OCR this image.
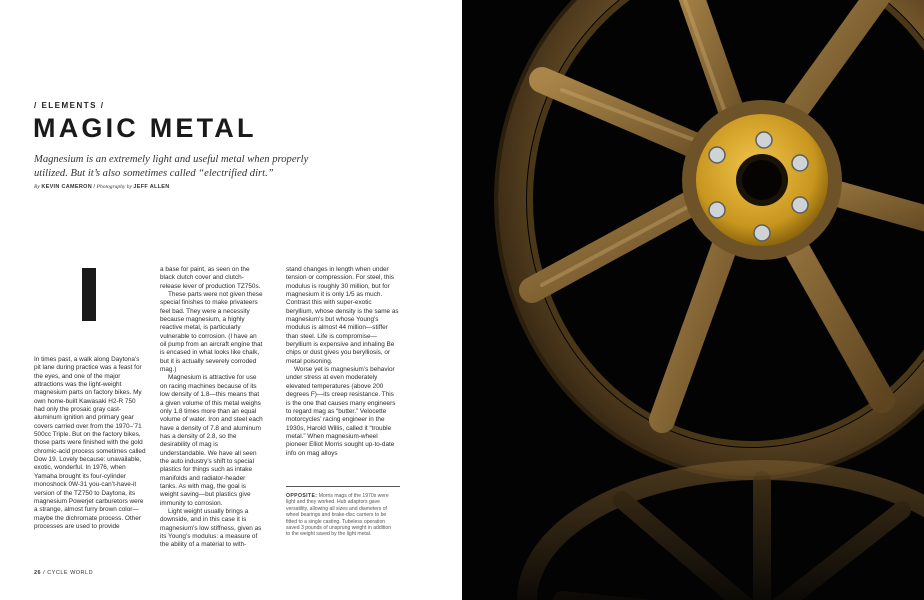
/ ELEMENTS /
MAGIC METAL

Magnesium is an extremely light and useful metal when properly utilized. But it’s also sometimes called “electrified dirt.”

By KEVIN CAMERON / Photography by JEFF ALLEN

In times past, a walk along Daytona’s pit lane during practice was a feast for the eyes, and one of the major attractions was the light-weight magnesium parts on factory bikes. My own home-built Kawasaki H2-R 750 had only the prosaic gray cast-aluminum ignition and primary gear covers carried over from the 1970–’71 500cc Triple. But on the factory bikes, those parts were finished with the gold chromic-acid process sometimes called Dow 19. Lovely because: unavailable, exotic, wonderful. In 1976, when Yamaha brought its four-cylinder monoshock 0W-31 you-can’t-have-it version of the TZ750 to Daytona, its magnesium Powerjet carburetors were a strange, almost furry brown color—maybe the dichromate process. Other processes are used to provide

a base for paint, as seen on the black clutch cover and clutch-release lever of production TZ750s.

These parts were not given these special finishes to make privateers feel bad. They were a necessity because magnesium, a highly reactive metal, is particularly vulnerable to corrosion. (I have an oil pump from an aircraft engine that is encased in what looks like chalk, but it is actually severely corroded mag.)

Magnesium is attractive for use on racing machines because of its low density of 1.8—this means that a given volume of this metal weighs only 1.8 times more than an equal volume of water. Iron and steel each have a density of 7.8 and aluminum has a density of 2.8, so the desirability of mag is understandable. We have all seen the auto industry’s shift to special plastics for things such as intake manifolds and radiator-header tanks. As with mag, the goal is weight saving—but plastics give immunity to corrosion.

Light weight usually brings a downside, and in this case it is magnesium’s low stiffness, given as its Young’s modulus: a measure of the ability of a material to with-

stand changes in length when under tension or compression. For steel, this modulus is roughly 30 million, but for magnesium it is only 1/5 as much. Contrast this with super-exotic beryllium, whose density is the same as magnesium’s but whose Young’s modulus is almost 44 million—stiffer than steel. Life is compromise—beryllium is expensive and inhaling Be chips or dust gives you berylliosis, or metal poisoning.

Worse yet is magnesium’s behavior under stress at even moderately elevated temperatures (above 200 degrees F)—its creep resistance. This is the one that causes many engineers to regard mag as “butter.” Velocette motorcycles’ racing engineer in the 1930s, Harold Willis, called it “trouble metal.” When magnesium-wheel pioneer Elliot Morris sought up-to-date info on mag alloys

OPPOSITE: Morris mags of the 1970s were light and they worked. Hub adaptors gave versatility, allowing all sizes and diameters of wheel bearings and brake-disc carriers to be fitted to a single casting. Tubeless operation saved 3 pounds of unsprung weight in addition to the weight saved by the light metal.

26 / CYCLE WORLD
